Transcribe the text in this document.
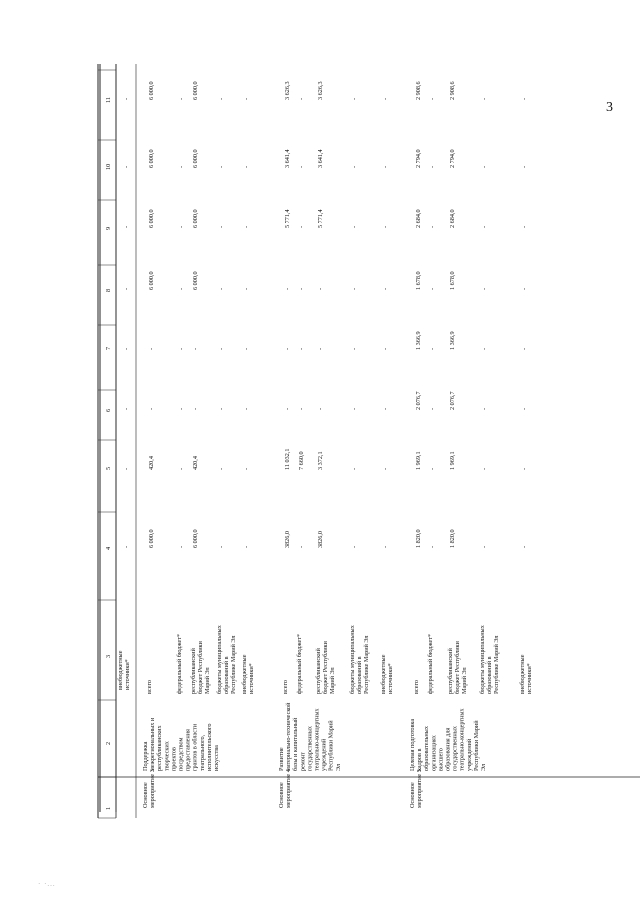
3
· ·...
1
2
3
4
5
6
7
8
9
10
11
внебюджетные источники*
-
-
-
-
-
-
-
-
Основное мероприятие 3
Поддержка межрегиональных и республиканских творческих проектов посредством предоставления грантов в области театрального, исполнительского искусства
всего
6 000,0
420,4
-
-
6 000,0
6 000,0
6 000,0
6 000,0
федеральный бюджет*
-
-
-
-
-
-
-
-
республиканский бюджет Республики Марий Эл
6 000,0
420,4
-
-
6 000,0
6 000,0
6 000,0
6 000,0
бюджеты муниципальных образований в Республике Марий Эл
-
-
-
-
-
-
-
-
внебюджетные источники*
-
-
-
-
-
-
-
-
Основное мероприятие 4
Развитие материально-технической базы и капитальный ремонт государственных театрально-концертных учреждений Республики Марий Эл
всего
3826,0
11 032,1
-
-
-
5 771,4
3 641,4
3 626,3
федеральный бюджет*
-
7 660,0
-
-
-
-
-
-
республиканский бюджет Республики Марий Эл
3826,0
3 372,1
-
-
-
5 771,4
3 641,4
3 626,3
бюджеты муниципальных образований в Республике Марий Эл
-
-
-
-
-
-
-
-
внебюджетные источники*
-
-
-
-
-
-
-
-
Основное мероприятие 5
Целевая подготовка кадров в образовательных организациях высшего образования для государственных театрально-концертных учреждений Республики Марий Эл
всего
1 820,0
1 969,1
2 076,7
1 366,9
1 678,0
2 684,0
2 794,0
2 908,6
федеральный бюджет*
-
-
-
-
-
-
-
-
республиканский бюджет Республики Марий Эл
1 820,0
1 969,1
2 076,7
1 366,9
1 678,0
2 684,0
2 794,0
2 908,6
бюджеты муниципальных образований в Республике Марий Эл
-
-
-
-
-
-
-
-
внебюджетные источники*
-
-
-
-
-
-
-
-
